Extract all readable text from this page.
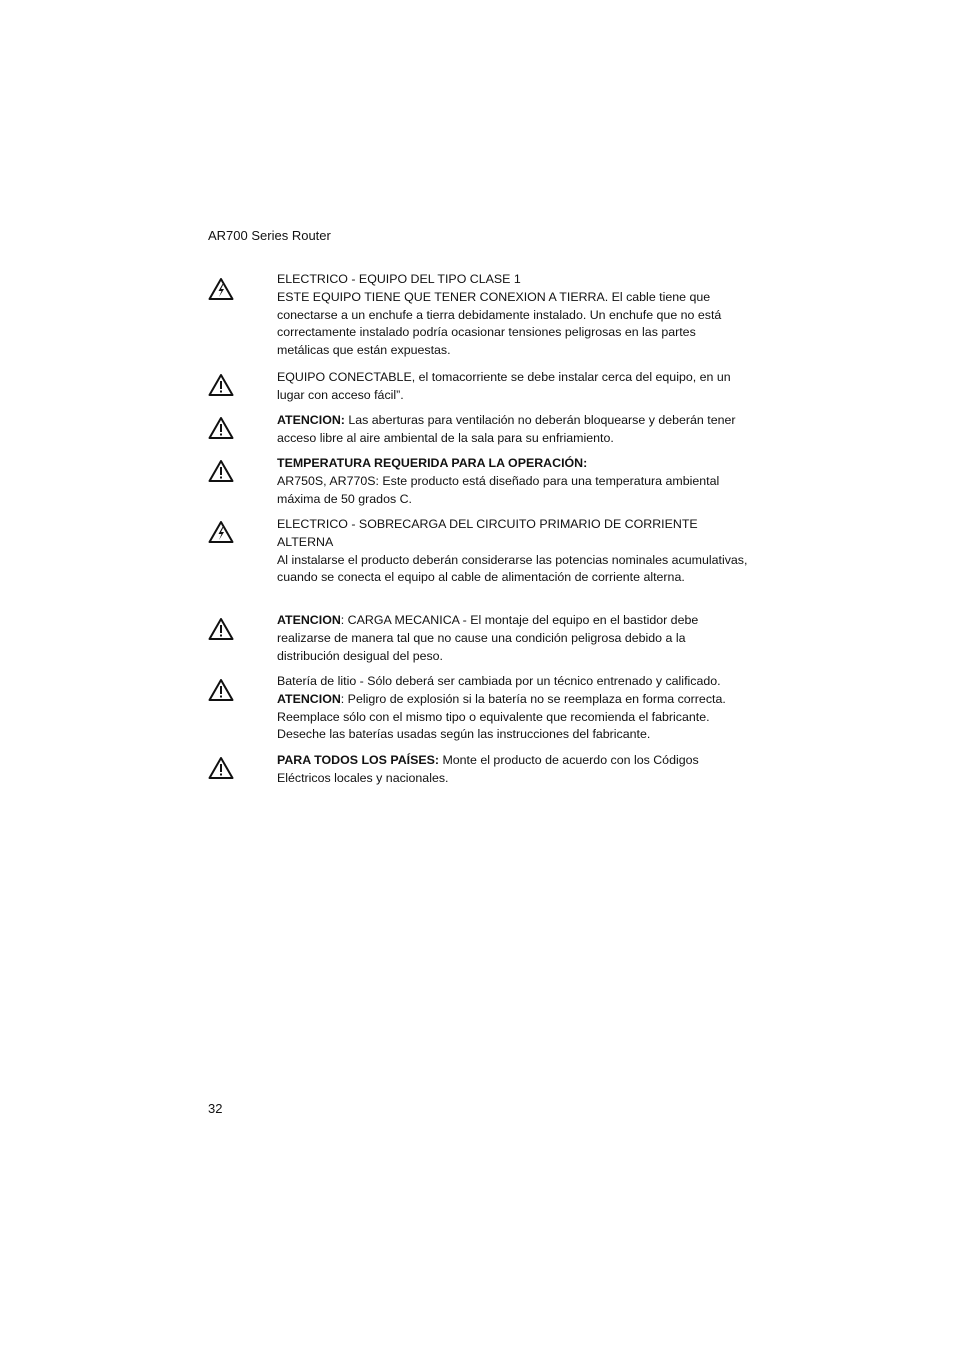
AR700 Series Router
ELECTRICO - EQUIPO DEL TIPO CLASE 1
ESTE EQUIPO TIENE QUE TENER CONEXION A TIERRA. El cable tiene que conectarse a un enchufe a tierra debidamente instalado. Un enchufe que no está correctamente instalado podría ocasionar tensiones peligrosas en las partes metálicas que están expuestas.
EQUIPO CONECTABLE, el tomacorriente se debe instalar cerca del equipo, en un lugar con acceso fácil”.
ATENCION: Las aberturas para ventilación no deberán bloquearse y deberán tener acceso libre al aire ambiental de la sala para su enfriamiento.
TEMPERATURA REQUERIDA PARA LA OPERACIÓN:
AR750S, AR770S: Este producto está diseñado para una temperatura ambiental máxima de 50 grados C.
ELECTRICO - SOBRECARGA DEL CIRCUITO PRIMARIO DE CORRIENTE ALTERNA
Al instalarse el producto deberán considerarse las potencias nominales acumulativas, cuando se conecta el equipo al cable de alimentación de corriente alterna.
ATENCION: CARGA MECANICA - El montaje del equipo en el bastidor debe realizarse de manera tal que no cause una condición peligrosa debido a la distribución desigual del peso.
Batería de litio - Sólo deberá ser cambiada por un técnico entrenado y calificado.
ATENCION: Peligro de explosión si la batería no se reemplaza en forma correcta. Reemplace sólo con el mismo tipo o equivalente que recomienda el fabricante. Deseche las baterías usadas según las instrucciones del fabricante.
PARA TODOS LOS PAÍSES: Monte el producto de acuerdo con los Códigos Eléctricos locales y nacionales.
32
